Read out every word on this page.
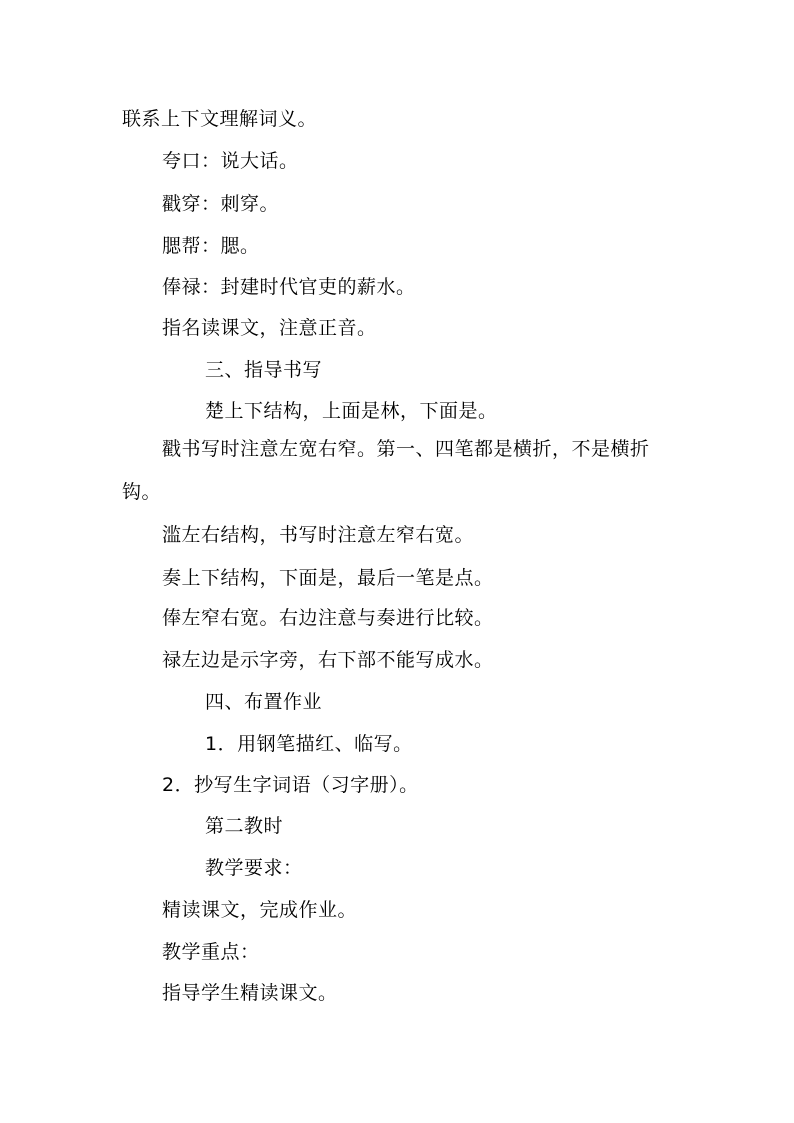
联系上下文理解词义。
夸口：说大话。
戳穿：刺穿。
腮帮：腮。
俸禄：封建时代官吏的薪水。
指名读课文，注意正音。
三、指导书写
楚上下结构，上面是林，下面是。
戳书写时注意左宽右窄。第一、四笔都是横折，不是横折钩。
滥左右结构，书写时注意左窄右宽。
奏上下结构，下面是，最后一笔是点。
俸左窄右宽。右边注意与奏进行比较。
禄左边是示字旁，右下部不能写成水。
四、布置作业
1．用钢笔描红、临写。
2．抄写生字词语（习字册）。
第二教时
教学要求：
精读课文，完成作业。
教学重点：
指导学生精读课文。
